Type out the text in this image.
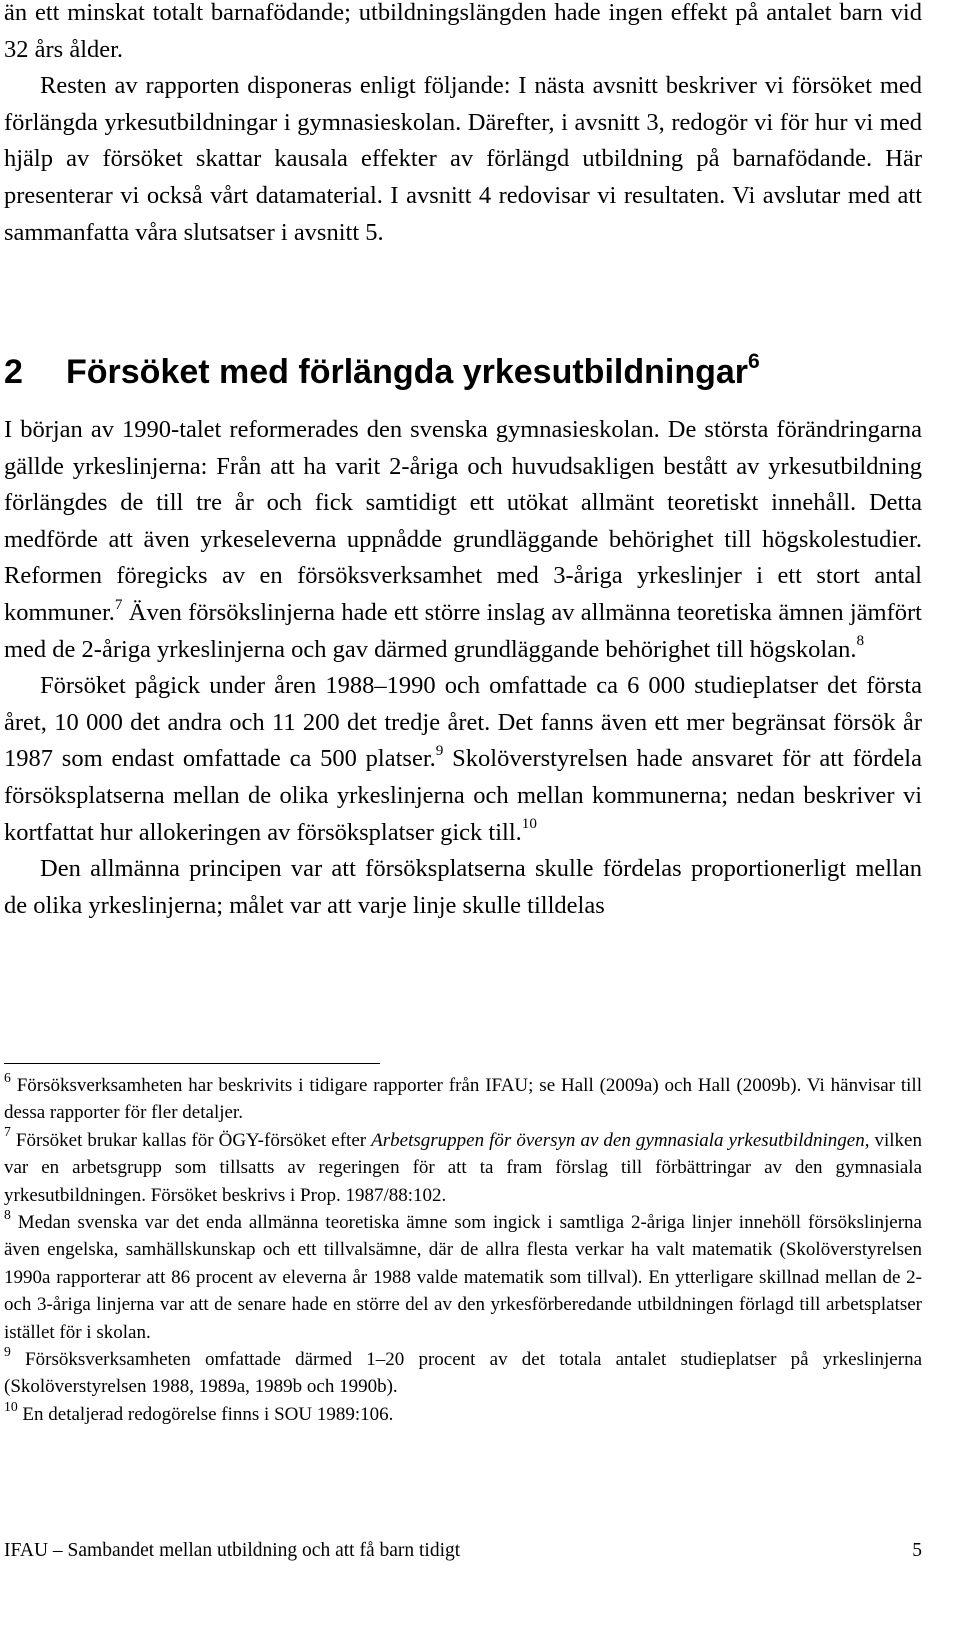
än ett minskat totalt barnafödande; utbildningslängden hade ingen effekt på antalet barn vid 32 års ålder.

Resten av rapporten disponeras enligt följande: I nästa avsnitt beskriver vi försöket med förlängda yrkesutbildningar i gymnasieskolan. Därefter, i avsnitt 3, redogör vi för hur vi med hjälp av försöket skattar kausala effekter av förlängd utbildning på barnafödande. Här presenterar vi också vårt datamaterial. I avsnitt 4 redovisar vi resultaten. Vi avslutar med att sammanfatta våra slutsatser i avsnitt 5.

2 Försöket med förlängda yrkesutbildningar$^6$

I början av 1990-talet reformerades den svenska gymnasieskolan. De största förändringarna gällde yrkeslinjerna: Från att ha varit 2-åriga och huvudsakligen bestått av yrkesutbildning förlängdes de till tre år och fick samtidigt ett utökat allmänt teoretiskt innehåll. Detta medförde att även yrkeseleverna uppnådde grundläggande behörighet till högskolestudier. Reformen föregicks av en försöksverksamhet med 3-åriga yrkeslinjer i ett stort antal kommuner.$^7$ Även försökslinjerna hade ett större inslag av allmänna teoretiska ämnen jämfört med de 2-åriga yrkeslinjerna och gav därmed grundläggande behörighet till högskolan.$^8$

Försöket pågick under åren 1988–1990 och omfattade ca 6 000 studieplatser det första året, 10 000 det andra och 11 200 det tredje året. Det fanns även ett mer begränsat försök år 1987 som endast omfattade ca 500 platser.$^9$ Skolöverstyrelsen hade ansvaret för att fördela försöksplatserna mellan de olika yrkeslinjerna och mellan kommunerna; nedan beskriver vi kortfattat hur allokeringen av försöksplatser gick till.$^{10}$

Den allmänna principen var att försöksplatserna skulle fördelas proportionerligt mellan de olika yrkeslinjerna; målet var att varje linje skulle tilldelas

$^6$ Försöksverksamheten har beskrivits i tidigare rapporter från IFAU; se Hall (2009a) och Hall (2009b). Vi hänvisar till dessa rapporter för fler detaljer.

$^7$ Försöket brukar kallas för ÖGY-försöket efter Arbetsgruppen för översyn av den gymnasiala yrkesutbildningen, vilken var en arbetsgrupp som tillsatts av regeringen för att ta fram förslag till förbättringar av den gymnasiala yrkesutbildningen. Försöket beskrivs i Prop. 1987/88:102.

$^8$ Medan svenska var det enda allmänna teoretiska ämne som ingick i samtliga 2-åriga linjer innehöll försökslinjerna även engelska, samhällskunskap och ett tillvalsämne, där de allra flesta verkar ha valt matematik (Skolöverstyrelsen 1990a rapporterar att 86 procent av eleverna år 1988 valde matematik som tillval). En ytterligare skillnad mellan de 2- och 3-åriga linjerna var att de senare hade en större del av den yrkesförberedande utbildningen förlagd till arbetsplatser istället för i skolan.

$^9$ Försöksverksamheten omfattade därmed 1–20 procent av det totala antalet studieplatser på yrkeslinjerna (Skolöverstyrelsen 1988, 1989a, 1989b och 1990b).

$^{10}$ En detaljerad redogörelse finns i SOU 1989:106.

IFAU – Sambandet mellan utbildning och att få barn tidigt	5
